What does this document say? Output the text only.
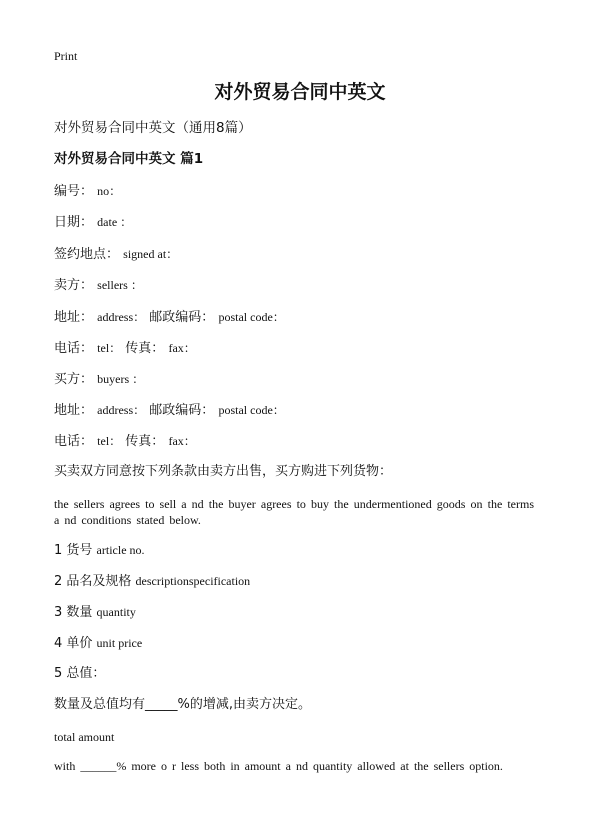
Print
对外贸易合同中英文
对外贸易合同中英文（通用8篇）
对外贸易合同中英文 篇1
编号： no：
日期： date ：
签约地点： signed at：
卖方： sellers ：
地址： address： 邮政编码： postal code：
电话： tel： 传真： fax：
买方： buyers ：
地址： address： 邮政编码： postal code：
电话： tel： 传真： fax：
买卖双方同意按下列条款由卖方出售，买方购进下列货物：
the sellers agrees to sell a nd the buyer agrees to buy the undermentioned goods on the terms a nd conditions stated below.
1 货号 article no.
2 品名及规格 descriptionspecification
3 数量 quantity
4 单价 unit price
5 总值：
数量及总值均有_____%的增减,由卖方决定。
total amount
with ______% more o r less both in amount a nd quantity allowed at the sellers option.
